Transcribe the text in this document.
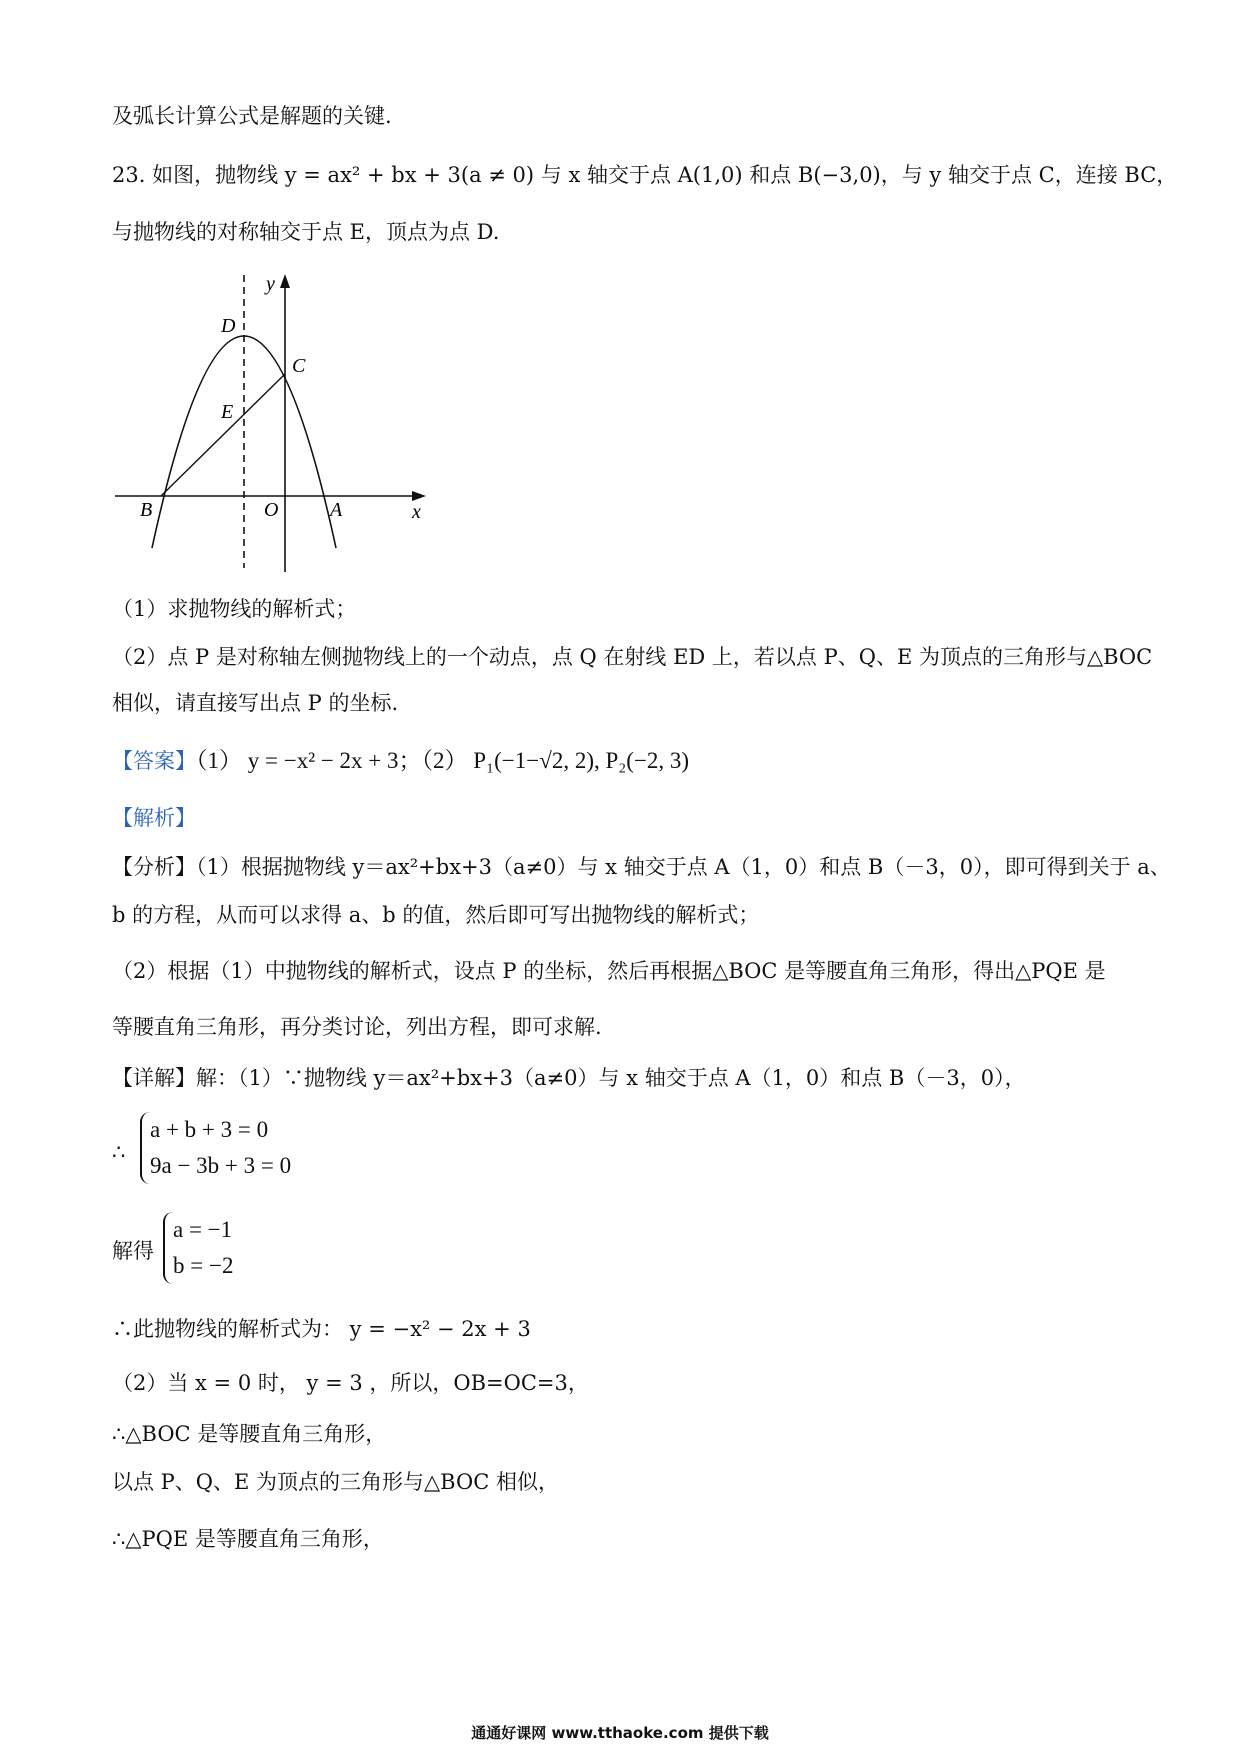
及弧长计算公式是解题的关键.
23. 如图，抛物线 y = ax² + bx + 3(a ≠ 0) 与 x 轴交于点 A(1,0) 和点 B(−3,0)，与 y 轴交于点 C，连接 BC，
与抛物线的对称轴交于点 E，顶点为点 D.
y
x
D
C
E
B	O	A
（1）求抛物线的解析式；
（2）点 P 是对称轴左侧抛物线上的一个动点，点 Q 在射线 ED 上，若以点 P、Q、E 为顶点的三角形与△BOC
相似，请直接写出点 P 的坐标.
【答案】（1） y = −x² − 2x + 3；（2） P₁(−1−√2, 2), P₂(−2, 3)
【解析】
【分析】（1）根据抛物线 y＝ax²+bx+3（a≠0）与 x 轴交于点 A（1，0）和点 B（－3，0），即可得到关于 a、
b 的方程，从而可以求得 a、b 的值，然后即可写出抛物线的解析式；
（2）根据（1）中抛物线的解析式，设点 P 的坐标，然后再根据△BOC 是等腰直角三角形，得出△PQE 是
等腰直角三角形，再分类讨论，列出方程，即可求解.
【详解】解：（1）∵抛物线 y＝ax²+bx+3（a≠0）与 x 轴交于点 A（1，0）和点 B（－3，0），
∴
a + b + 3 = 0
9a − 3b + 3 = 0
解得
a = −1
b = −2
∴此抛物线的解析式为： y = −x² − 2x + 3
（2）当 x = 0 时， y = 3 ，所以，OB=OC=3，
∴△BOC 是等腰直角三角形，
以点 P、Q、E 为顶点的三角形与△BOC 相似，
∴△PQE 是等腰直角三角形，
通通好课网 www.tthaoke.com 提供下载
